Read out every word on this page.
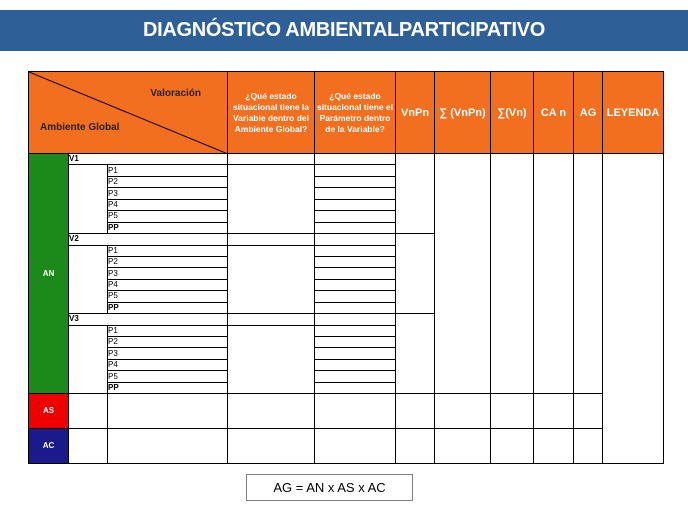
DIAGNÓSTICO AMBIENTALPARTICIPATIVO
Valoración
Ambiente Global			¿Qué estado situacional tiene la Variable dentro del Ambiente Global?	¿Qué estado situacional tiene el Parámetro dentro de la Variable?	VnPn	∑ (VnPn)	∑(Vn)	CA n	AG	LEYENDA
AN	V1									
		P1								
		P2								
		P3								
		P4								
		P5								
		PP								
	V2									
		P1								
		P2								
		P3								
		P4								
		P5								
		PP								
	V3									
		P1								
		P2								
		P3								
		P4								
		P5								
		PP								
AS										
AC										
AG = AN x AS x AC
